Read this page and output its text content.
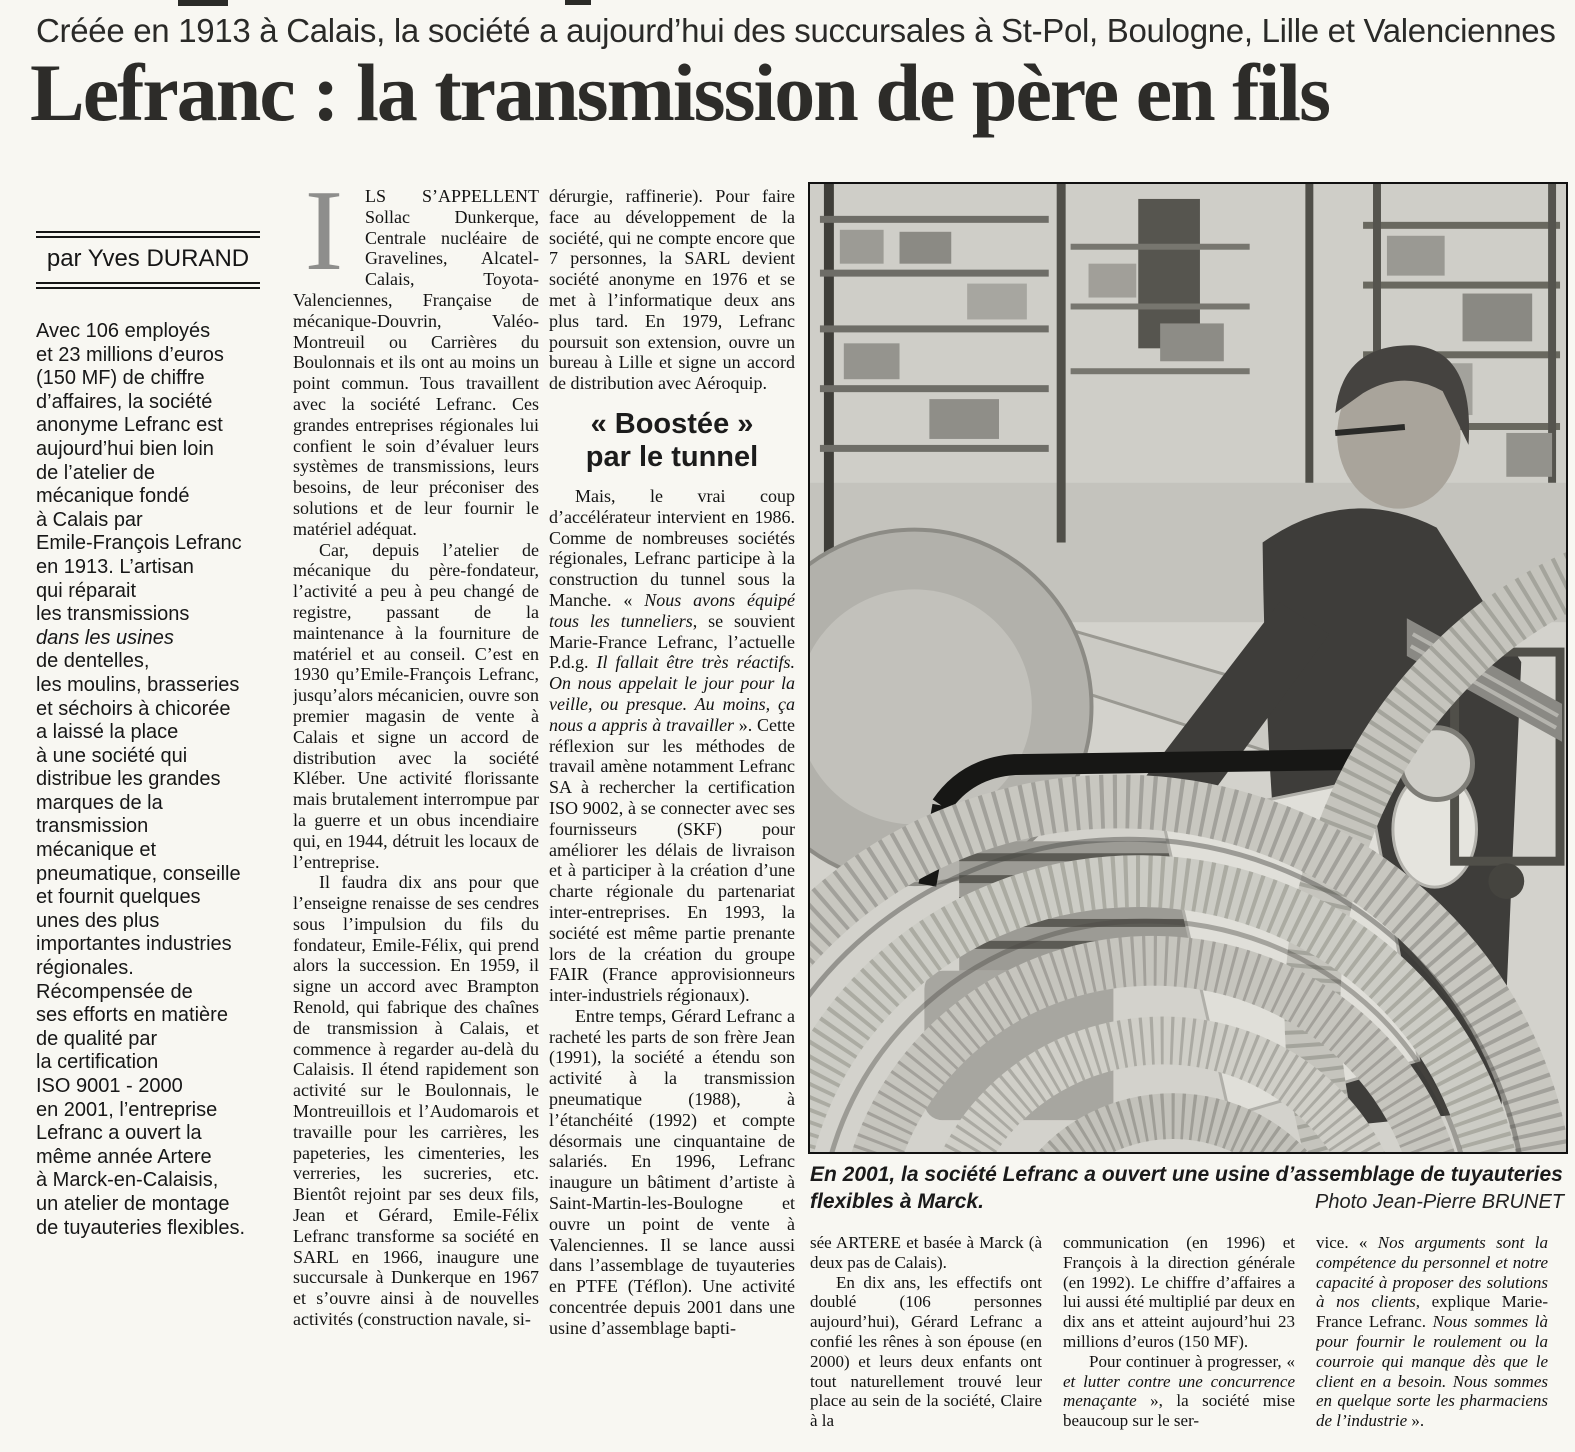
Créée en 1913 à Calais, la société a aujourd’hui des succursales à St-Pol, Boulogne, Lille et Valenciennes
Lefranc : la transmission de père en fils
par Yves DURAND
Avec 106 employés
et 23 millions d’euros
(150 MF) de chiffre
d’affaires, la société
anonyme Lefranc est
aujourd’hui bien loin
de l’atelier de
mécanique fondé
à Calais par
Emile-François Lefranc
en 1913. L’artisan
qui réparait
les transmissions
dans les usines
de dentelles,
les moulins, brasseries
et séchoirs à chicorée
a laissé la place
à une société qui
distribue les grandes
marques de la
transmission
mécanique et
pneumatique, conseille
et fournit quelques
unes des plus
importantes industries
régionales.
Récompensée de
ses efforts en matière
de qualité par
la certification
ISO 9001 - 2000
en 2001, l’entreprise
Lefranc a ouvert la
même année Artere
à Marck-en-Calaisis,
un atelier de montage
de tuyauteries flexibles.

I	LS S’APPELLENT Sollac Dunkerque, Centrale nucléaire de Gravelines, Alcatel-Calais, Toyota-Valenciennes, Française de mécanique-Douvrin, Valéo-Montreuil ou Carrières du Boulonnais et ils ont au moins un point commun. Tous travaillent avec la société Lefranc. Ces grandes entreprises régionales lui confient le soin d’évaluer leurs systèmes de transmissions, leurs besoins, de leur préconiser des solutions et de leur fournir le matériel adéquat.

Car, depuis l’atelier de mécanique du père-fondateur, l’activité a peu à peu changé de registre, passant de la maintenance à la fourniture de matériel et au conseil. C’est en 1930 qu’Emile-François Lefranc, jusqu’alors mécanicien, ouvre son premier magasin de vente à Calais et signe un accord de distribution avec la société Kléber. Une activité florissante mais brutalement interrompue par la guerre et un obus incendiaire qui, en 1944, détruit les locaux de l’entreprise.

Il faudra dix ans pour que l’enseigne renaisse de ses cendres sous l’impulsion du fils du fondateur, Emile-Félix, qui prend alors la succession. En 1959, il signe un accord avec Brampton Renold, qui fabrique des chaînes de transmission à Calais, et commence à regarder au-delà du Calaisis. Il étend rapidement son activité sur le Boulonnais, le Montreuillois et l’Audomarois et travaille pour les carrières, les papeteries, les cimenteries, les verreries, les sucreries, etc. Bientôt rejoint par ses deux fils, Jean et Gérard, Emile-Félix Lefranc transforme sa société en SARL en 1966, inaugure une succursale à Dunkerque en 1967 et s’ouvre ainsi à de nouvelles activités (construction navale, si-

dérurgie, raffinerie). Pour faire face au développement de la société, qui ne compte encore que 7 personnes, la SARL devient société anonyme en 1976 et se met à l’informatique deux ans plus tard. En 1979, Lefranc poursuit son extension, ouvre un bureau à Lille et signe un accord de distribution avec Aéroquip.

« Boostée »
par le tunnel

Mais, le vrai coup d’accélérateur intervient en 1986. Comme de nombreuses sociétés régionales, Lefranc participe à la construction du tunnel sous la Manche. « Nous avons équipé tous les tunneliers, se souvient Marie-France Lefranc, l’actuelle P.d.g. Il fallait être très réactifs. On nous appelait le jour pour la veille, ou presque. Au moins, ça nous a appris à travailler ». Cette réflexion sur les méthodes de travail amène notamment Lefranc SA à rechercher la certification ISO 9002, à se connecter avec ses fournisseurs (SKF) pour améliorer les délais de livraison et à participer à la création d’une charte régionale du partenariat inter-entreprises. En 1993, la société est même partie prenante lors de la création du groupe FAIR (France approvisionneurs inter-industriels régionaux).

Entre temps, Gérard Lefranc a racheté les parts de son frère Jean (1991), la société a étendu son activité à la transmission pneumatique (1988), à l’étanchéité (1992) et compte désormais une cinquantaine de salariés. En 1996, Lefranc inaugure un bâtiment d’artiste à Saint-Martin-les-Boulogne et ouvre un point de vente à Valenciennes. Il se lance aussi dans l’assemblage de tuyauteries en PTFE (Téflon). Une activité concentrée depuis 2001 dans une usine d’assemblage bapti-

En 2001, la société Lefranc a ouvert une usine d’assemblage de tuyauteries flexibles à Marck.	Photo Jean-Pierre BRUNET

sée ARTERE et basée à Marck (à deux pas de Calais).

En dix ans, les effectifs ont doublé (106 personnes aujourd’hui), Gérard Lefranc a confié les rênes à son épouse (en 2000) et leurs deux enfants ont tout naturellement trouvé leur place au sein de la société, Claire à la

communication (en 1996) et François à la direction générale (en 1992). Le chiffre d’affaires a lui aussi été multiplié par deux en dix ans et atteint aujourd’hui 23 millions d’euros (150 MF).

Pour continuer à progresser, « et lutter contre une concurrence menaçante », la société mise beaucoup sur le ser-

vice. « Nos arguments sont la compétence du personnel et notre capacité à proposer des solutions à nos clients, explique Marie-France Lefranc. Nous sommes là pour fournir le roulement ou la courroie qui manque dès que le client en a besoin. Nous sommes en quelque sorte les pharmaciens de l’industrie ».
